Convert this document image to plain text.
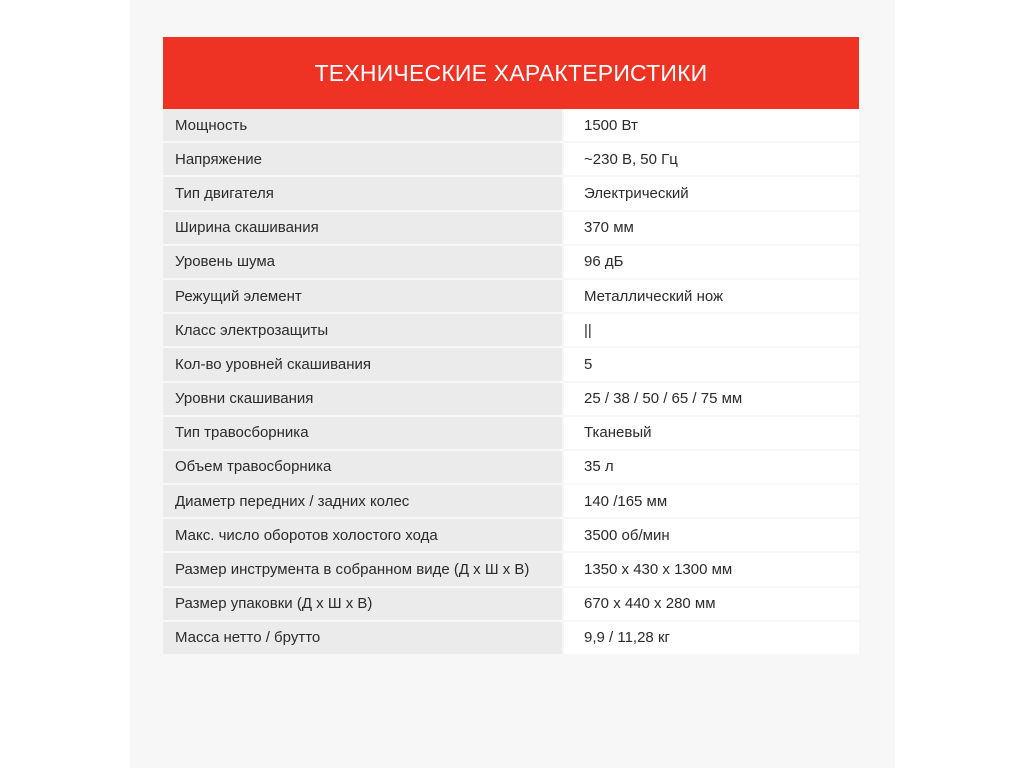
ТЕХНИЧЕСКИЕ ХАРАКТЕРИСТИКИ
Мощность	1500 Вт
Напряжение	~230 В, 50 Гц
Тип двигателя	Электрический
Ширина скашивания	370 мм
Уровень шума	96 дБ
Режущий элемент	Металлический нож
Класс электрозащиты	||
Кол-во уровней скашивания	5
Уровни скашивания	25 / 38 / 50 / 65 / 75 мм
Тип травосборника	Тканевый
Объем травосборника	35 л
Диаметр передних / задних колес	140 /165 мм
Макс. число оборотов холостого хода	3500 об/мин
Размер инструмента в собранном виде (Д х Ш х В)	1350 х 430 х 1300 мм
Размер упаковки (Д х Ш х В)	670 х 440 х 280 мм
Масса нетто / брутто	9,9 / 11,28 кг
